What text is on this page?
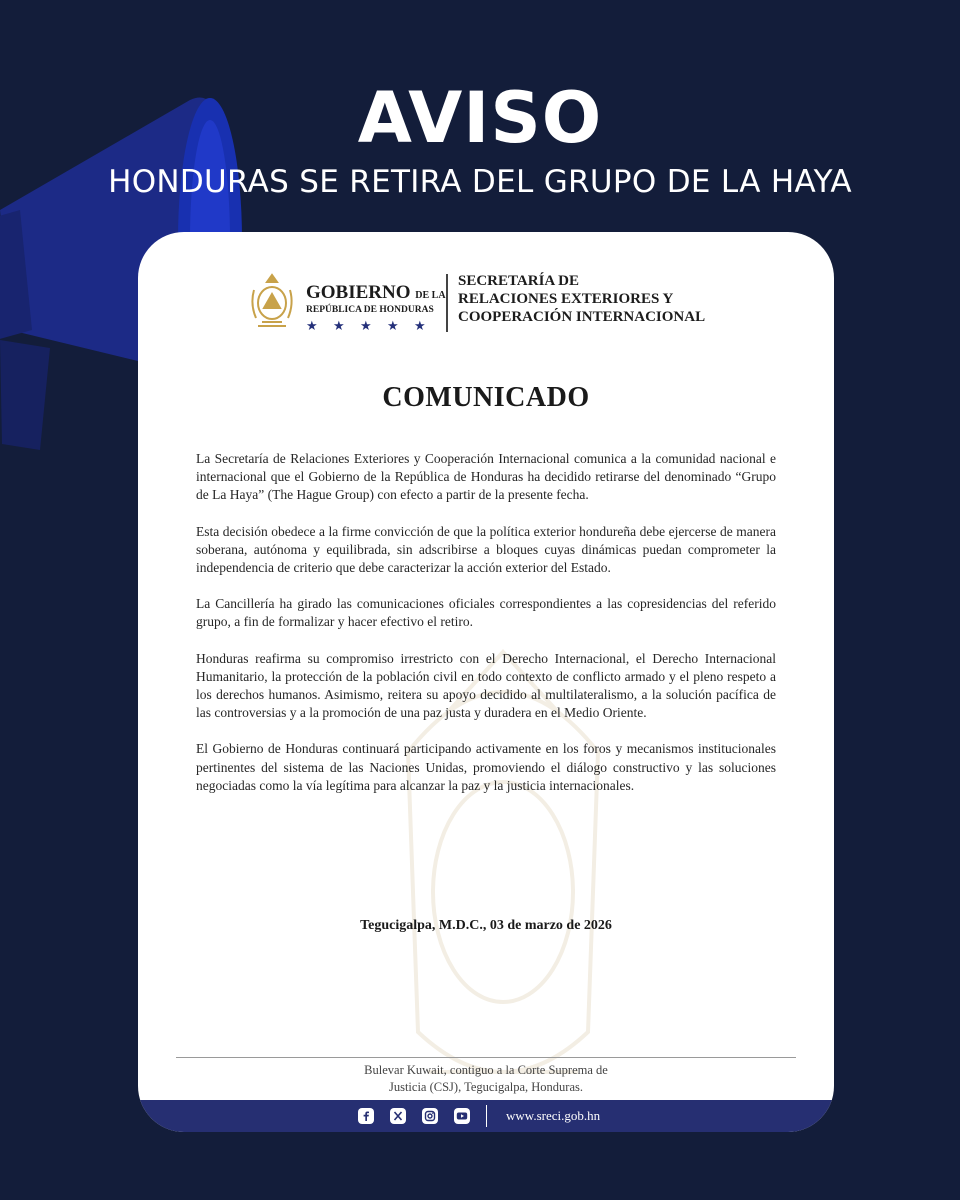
AVISO
HONDURAS SE RETIRA DEL GRUPO DE LA HAYA
GOBIERNO DE LA
REPÚBLICA DE HONDURAS
★ ★ ★ ★ ★
SECRETARÍA DE
RELACIONES EXTERIORES Y
COOPERACIÓN INTERNACIONAL
COMUNICADO

La Secretaría de Relaciones Exteriores y Cooperación Internacional comunica a la comunidad nacional e internacional que el Gobierno de la República de Honduras ha decidido retirarse del denominado “Grupo de La Haya” (The Hague Group) con efecto a partir de la presente fecha.

Esta decisión obedece a la firme convicción de que la política exterior hondureña debe ejercerse de manera soberana, autónoma y equilibrada, sin adscribirse a bloques cuyas dinámicas puedan comprometer la independencia de criterio que debe caracterizar la acción exterior del Estado.

La Cancillería ha girado las comunicaciones oficiales correspondientes a las copresidencias del referido grupo, a fin de formalizar y hacer efectivo el retiro.

Honduras reafirma su compromiso irrestricto con el Derecho Internacional, el Derecho Internacional Humanitario, la protección de la población civil en todo contexto de conflicto armado y el pleno respeto a los derechos humanos. Asimismo, reitera su apoyo decidido al multilateralismo, a la solución pacífica de las controversias y a la promoción de una paz justa y duradera en el Medio Oriente.

El Gobierno de Honduras continuará participando activamente en los foros y mecanismos institucionales pertinentes del sistema de las Naciones Unidas, promoviendo el diálogo constructivo y las soluciones negociadas como la vía legítima para alcanzar la paz y la justicia internacionales.

Tegucigalpa, M.D.C., 03 de marzo de 2026
Bulevar Kuwait, contiguo a la Corte Suprema de
Justicia (CSJ), Tegucigalpa, Honduras.
www.sreci.gob.hn
